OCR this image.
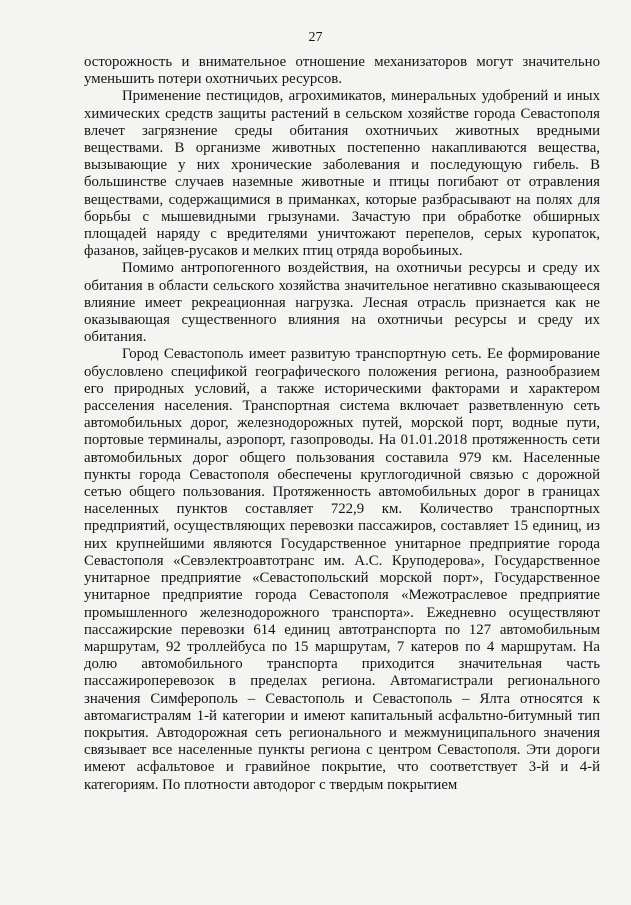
27

осторожность и внимательное отношение механизаторов могут значительно уменьшить потери охотничьих ресурсов.

Применение пестицидов, агрохимикатов, минеральных удобрений и иных химических средств защиты растений в сельском хозяйстве города Севастополя влечет загрязнение среды обитания охотничьих животных вредными веществами. В организме животных постепенно накапливаются вещества, вызывающие у них хронические заболевания и последующую гибель. В большинстве случаев наземные животные и птицы погибают от отравления веществами, содержащимися в приманках, которые разбрасывают на полях для борьбы с мышевидными грызунами. Зачастую при обработке обширных площадей наряду с вредителями уничтожают перепелов, серых куропаток, фазанов, зайцев-русаков и мелких птиц отряда воробьиных.

Помимо антропогенного воздействия, на охотничьи ресурсы и среду их обитания в области сельского хозяйства значительное негативно сказывающееся влияние имеет рекреационная нагрузка. Лесная отрасль признается как не оказывающая существенного влияния на охотничьи ресурсы и среду их обитания.

Город Севастополь имеет развитую транспортную сеть. Ее формирование обусловлено спецификой географического положения региона, разнообразием его природных условий, а также историческими факторами и характером расселения населения. Транспортная система включает разветвленную сеть автомобильных дорог, железнодорожных путей, морской порт, водные пути, портовые терминалы, аэропорт, газопроводы. На 01.01.2018 протяженность сети автомобильных дорог общего пользования составила 979 км. Населенные пункты города Севастополя обеспечены круглогодичной связью с дорожной сетью общего пользования. Протяженность автомобильных дорог в границах населенных пунктов составляет 722,9 км. Количество транспортных предприятий, осуществляющих перевозки пассажиров, составляет 15 единиц, из них крупнейшими являются Государственное унитарное предприятие города Севастополя «Севэлектроавтотранс им. А.С. Круподерова», Государственное унитарное предприятие «Севастопольский морской порт», Государственное унитарное предприятие города Севастополя «Межотраслевое предприятие промышленного железнодорожного транспорта». Ежедневно осуществляют пассажирские перевозки 614 единиц автотранспорта по 127 автомобильным маршрутам, 92 троллейбуса по 15 маршрутам, 7 катеров по 4 маршрутам. На долю автомобильного транспорта приходится значительная часть пассажироперевозок в пределах региона. Автомагистрали регионального значения Симферополь – Севастополь и Севастополь – Ялта относятся к автомагистралям 1-й категории и имеют капитальный асфальтно-битумный тип покрытия. Автодорожная сеть регионального и межмуниципального значения связывает все населенные пункты региона с центром Севастополя. Эти дороги имеют асфальтовое и гравийное покрытие, что соответствует 3-й и 4-й категориям. По плотности автодорог с твердым покрытием
